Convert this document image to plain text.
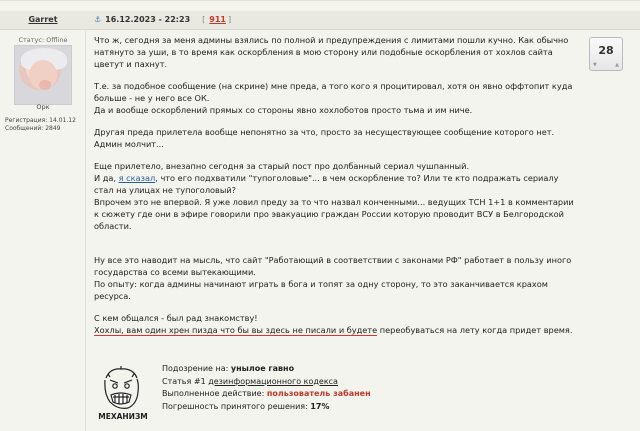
Garret	⚓ 16.12.2023 - 22:23 [ 911 ]
Статус: Offline
Орк
Регистрация: 14.01.12
Сообщений: 2849
28
▼	▲

Что ж, сегодня за меня админы взялись по полной и предупреждения с лимитами пошли кучно. Как обычно натянуто за уши, в то время как оскорбления в мою сторону или подобные оскорбления от хохлов сайта цветут и пахнут.

Т.е. за подобное сообщение (на скрине) мне преда, а того кого я процитировал, хотя он явно оффтопит куда больше - не у него все ОК.

Да и вообще оскорблений прямых со стороны явно хохлоботов просто тьма и им ниче.

Другая преда прилетела вообще непонятно за что, просто за несуществующее сообщение которого нет. Админ молчит...

Еще прилетело, внезапно сегодня за старый пост про долбанный сериал чушпанный.

И да, я сказал, что его подхватили "тупоголовые"... в чем оскорбление то? Или те кто подражать сериалу стал на улицах не тупоголовый?

Впрочем это не впервой. Я уже ловил преду за то что назвал конченными... ведущих ТСН 1+1 в комментарии к сюжету где они в эфире говорили про эвакуацию граждан России которую проводит ВСУ в Белгородской области.

Ну все это наводит на мысль, что сайт "Работающий в соответствии с законами РФ" работает в пользу иного государства со всеми вытекающими.

По опыту: когда админы начинают играть в бога и топят за одну сторону, то это заканчивается крахом ресурса.

С кем общался - был рад знакомству!

Хохлы, вам один хрен пизда что бы вы здесь не писали и будете переобуваться на лету когда придет время.

МЕХАНИЗМ
Подозрение на: унылое гавно
Статья #1 дезинформационного кодекса
Выполненное действие: пользователь забанен
Погрешность принятого решения: 17%
